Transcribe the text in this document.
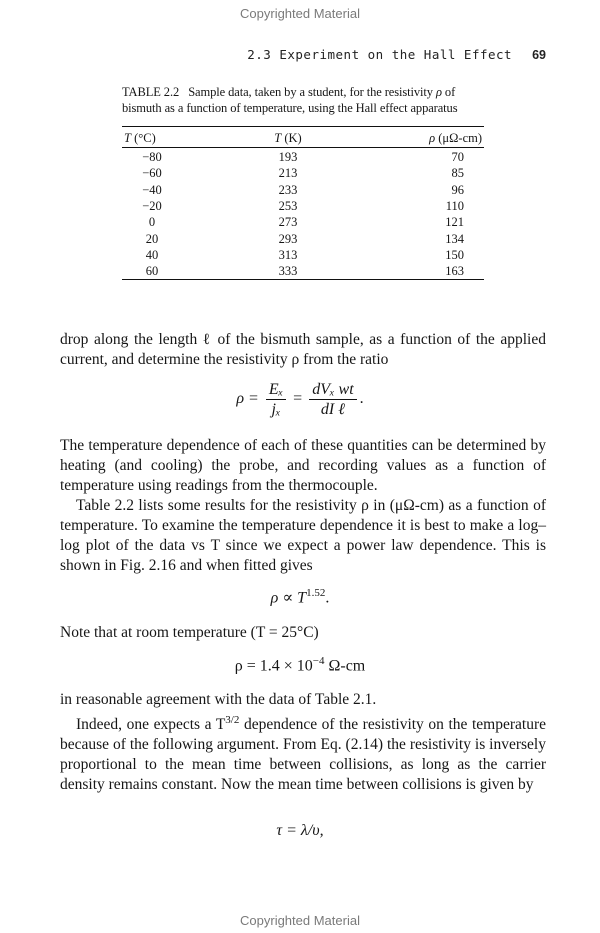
Copyrighted Material
2.3 Experiment on the Hall Effect 69
TABLE 2.2 Sample data, taken by a student, for the resistivity ρ of bismuth as a function of temperature, using the Hall effect apparatus
T (°C)	T (K)	ρ (μΩ-cm)
−80	193	70
−60	213	85
−40	233	96
−20	253	110
0	273	121
20	293	134
40	313	150
60	333	163

drop along the length ℓ of the bismuth sample, as a function of the applied current, and determine the resistivity ρ from the ratio

$\rho = \frac{\text{Eₓ}}{\text{jₓ}} = \frac{\text{dVₓ wt}}{\text{dI ℓ}}$ .

The temperature dependence of each of these quantities can be determined by heating (and cooling) the probe, and recording values as a function of temperature using readings from the thermocouple.

Table 2.2 lists some results for the resistivity ρ in (μΩ-cm) as a function of temperature. To examine the temperature dependence it is best to make a log–log plot of the data vs T since we expect a power law dependence. This is shown in Fig. 2.16 and when fitted gives

$\rho \propto T^{1.52}$.

Note that at room temperature (T = 25°C)

$\rho = 1.4 \times 10^{-4}$ Ω-cm

in reasonable agreement with the data of Table 2.1.

Indeed, one expects a $T^{3/2}$ dependence of the resistivity on the temperature because of the following argument. From Eq. (2.14) the resistivity is inversely proportional to the mean time between collisions, as long as the carrier density remains constant. Now the mean time between collisions is given by

τ = λ/υ,
Copyrighted Material
